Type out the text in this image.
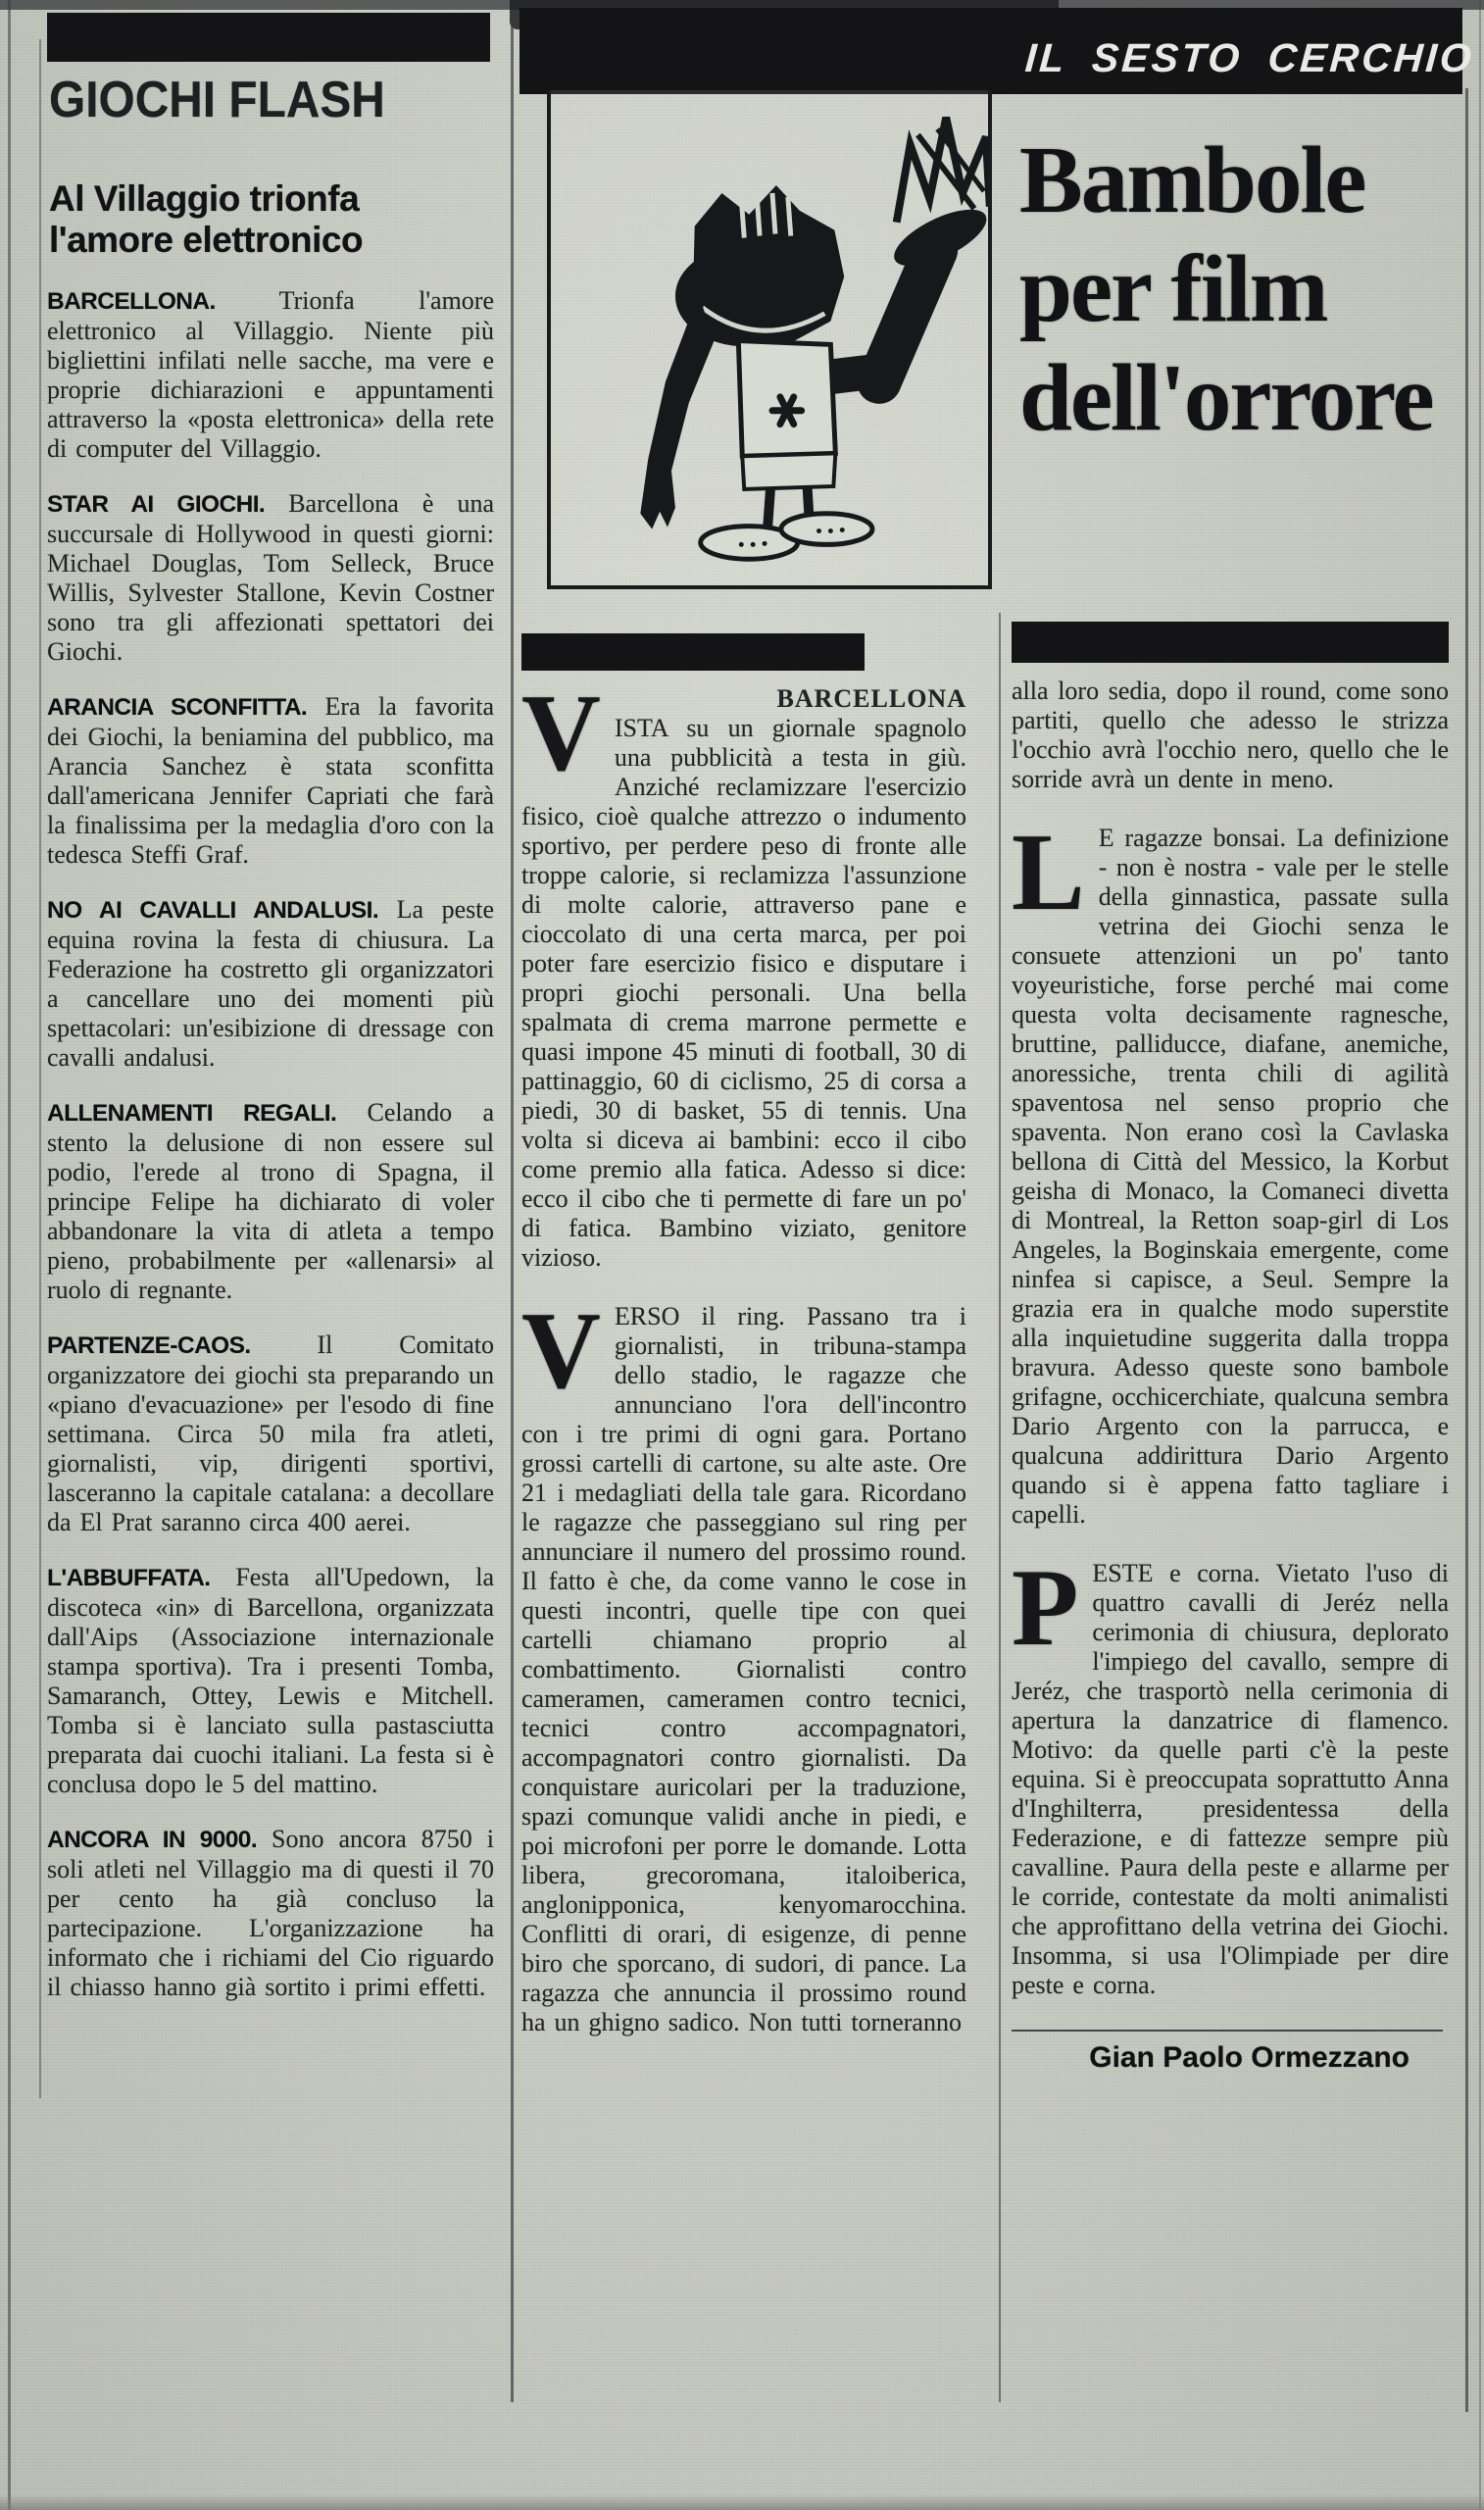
IL SESTO CERCHIO
GIOCHI FLASH
Al Villaggio trionfa
l'amore elettronico

BARCELLONA. Trionfa l'amore elettronico al Villaggio. Niente più bigliettini infilati nelle sacche, ma vere e proprie dichiarazioni e appuntamenti attraverso la «posta elettronica» della rete di computer del Villaggio.

STAR AI GIOCHI. Barcellona è una succursale di Hollywood in questi giorni: Michael Douglas, Tom Selleck, Bruce Willis, Sylvester Stallone, Kevin Costner sono tra gli affezionati spettatori dei Giochi.

ARANCIA SCONFITTA. Era la favorita dei Giochi, la beniamina del pubblico, ma Arancia Sanchez è stata sconfitta dall'americana Jennifer Capriati che farà la finalissima per la medaglia d'oro con la tedesca Steffi Graf.

NO AI CAVALLI ANDALUSI. La peste equina rovina la festa di chiusura. La Federazione ha costretto gli organizzatori a cancellare uno dei momenti più spettacolari: un'esibizione di dressage con cavalli andalusi.

ALLENAMENTI REGALI. Celando a stento la delusione di non essere sul podio, l'erede al trono di Spagna, il principe Felipe ha dichiarato di voler abbandonare la vita di atleta a tempo pieno, probabilmente per «allenarsi» al ruolo di regnante.

PARTENZE-CAOS.	Il Comitato organizzatore dei giochi sta preparando un «piano d'evacuazione» per l'esodo di fine settimana. Circa 50 mila fra atleti, giornalisti, vip, dirigenti sportivi, lasceranno la capitale catalana: a decollare da El Prat saranno circa 400 aerei.

L'ABBUFFATA. Festa all'Upedown, la discoteca «in» di Barcellona, organizzata dall'Aips (Associazione internazionale stampa sportiva). Tra i presenti Tomba, Samaranch, Ottey, Lewis e Mitchell. Tomba si è lanciato sulla pastasciutta preparata dai cuochi italiani. La festa si è conclusa dopo le 5 del mattino.

ANCORA IN 9000. Sono ancora 8750 i soli atleti nel Villaggio ma di questi il 70 per cento ha già concluso la partecipazione. L'organizzazione ha informato che i richiami del Cio riguardo il chiasso hanno già sortito i primi effetti.

Bambole
per film
dell'orrore

V	BARCELLONA
ISTA su un giornale spagnolo una pubblicità a testa in giù. Anziché reclamizzare l'esercizio fisico, cioè qualche attrezzo o indumento sportivo, per perdere peso di fronte alle troppe calorie, si reclamizza l'assunzione di molte calorie, attraverso pane e cioccolato di una certa marca, per poi poter fare esercizio fisico e disputare i propri giochi personali. Una bella spalmata di crema marrone permette e quasi impone 45 minuti di football, 30 di pattinaggio, 60 di ciclismo, 25 di corsa a piedi, 30 di basket, 55 di tennis. Una volta si diceva ai bambini: ecco il cibo come premio alla fatica. Adesso si dice: ecco il cibo che ti permette di fare un po' di fatica. Bambino viziato, genitore vizioso.

VERSO il ring. Passano tra i giornalisti, in tribuna-stampa dello stadio, le ragazze che annunciano l'ora dell'incontro con i tre primi di ogni gara. Portano grossi cartelli di cartone, su alte aste. Ore 21 i medagliati della tale gara. Ricordano le ragazze che passeggiano sul ring per annunciare il numero del prossimo round. Il fatto è che, da come vanno le cose in questi incontri, quelle tipe con quei cartelli chiamano proprio al combattimento. Giornalisti contro cameramen, cameramen contro tecnici, tecnici contro accompagnatori, accompagnatori contro giornalisti. Da conquistare auricolari per la traduzione, spazi comunque validi anche in piedi, e poi microfoni per porre le domande. Lotta libera, grecoromana, italoiberica, anglonipponica, kenyomarocchina. Conflitti di orari, di esigenze, di penne biro che sporcano, di sudori, di pance. La ragazza che annuncia il prossimo round ha un ghigno sadico. Non tutti torneranno

alla loro sedia, dopo il round, come sono partiti, quello che adesso le strizza l'occhio avrà l'occhio nero, quello che le sorride avrà un dente in meno.

L E ragazze bonsai. La definizione - non è nostra - vale per le stelle della ginnastica, passate sulla vetrina dei Giochi senza le consuete attenzioni un po' tanto voyeuristiche, forse perché mai come questa volta decisamente ragnesche, bruttine, palliducce, diafane, anemiche, anoressiche, trenta chili di agilità spaventosa nel senso proprio che spaventa. Non erano così la Cavlaska bellona di Città del Messico, la Korbut geisha di Monaco, la Comaneci divetta di Montreal, la Retton soap-girl di Los Angeles, la Boginskaia emergente, come ninfea si capisce, a Seul. Sempre la grazia era in qualche modo superstite alla inquietudine suggerita dalla troppa bravura. Adesso queste sono bambole grifagne, occhicerchiate, qualcuna sembra Dario Argento con la parrucca, e qualcuna addirittura Dario Argento quando si è appena fatto tagliare i capelli.

PESTE e corna. Vietato l'uso di quattro cavalli di Jeréz nella cerimonia di chiusura, deplorato l'impiego del cavallo, sempre di Jeréz, che trasportò nella cerimonia di apertura la danzatrice di flamenco. Motivo: da quelle parti c'è la peste equina. Si è preoccupata soprattutto Anna d'Inghilterra, presidentessa della Federazione, e di fattezze sempre più cavalline. Paura della peste e allarme per le corride, contestate da molti animalisti che approfittano della vetrina dei Giochi. Insomma, si usa l'Olimpiade per dire peste e corna.

Gian Paolo Ormezzano
